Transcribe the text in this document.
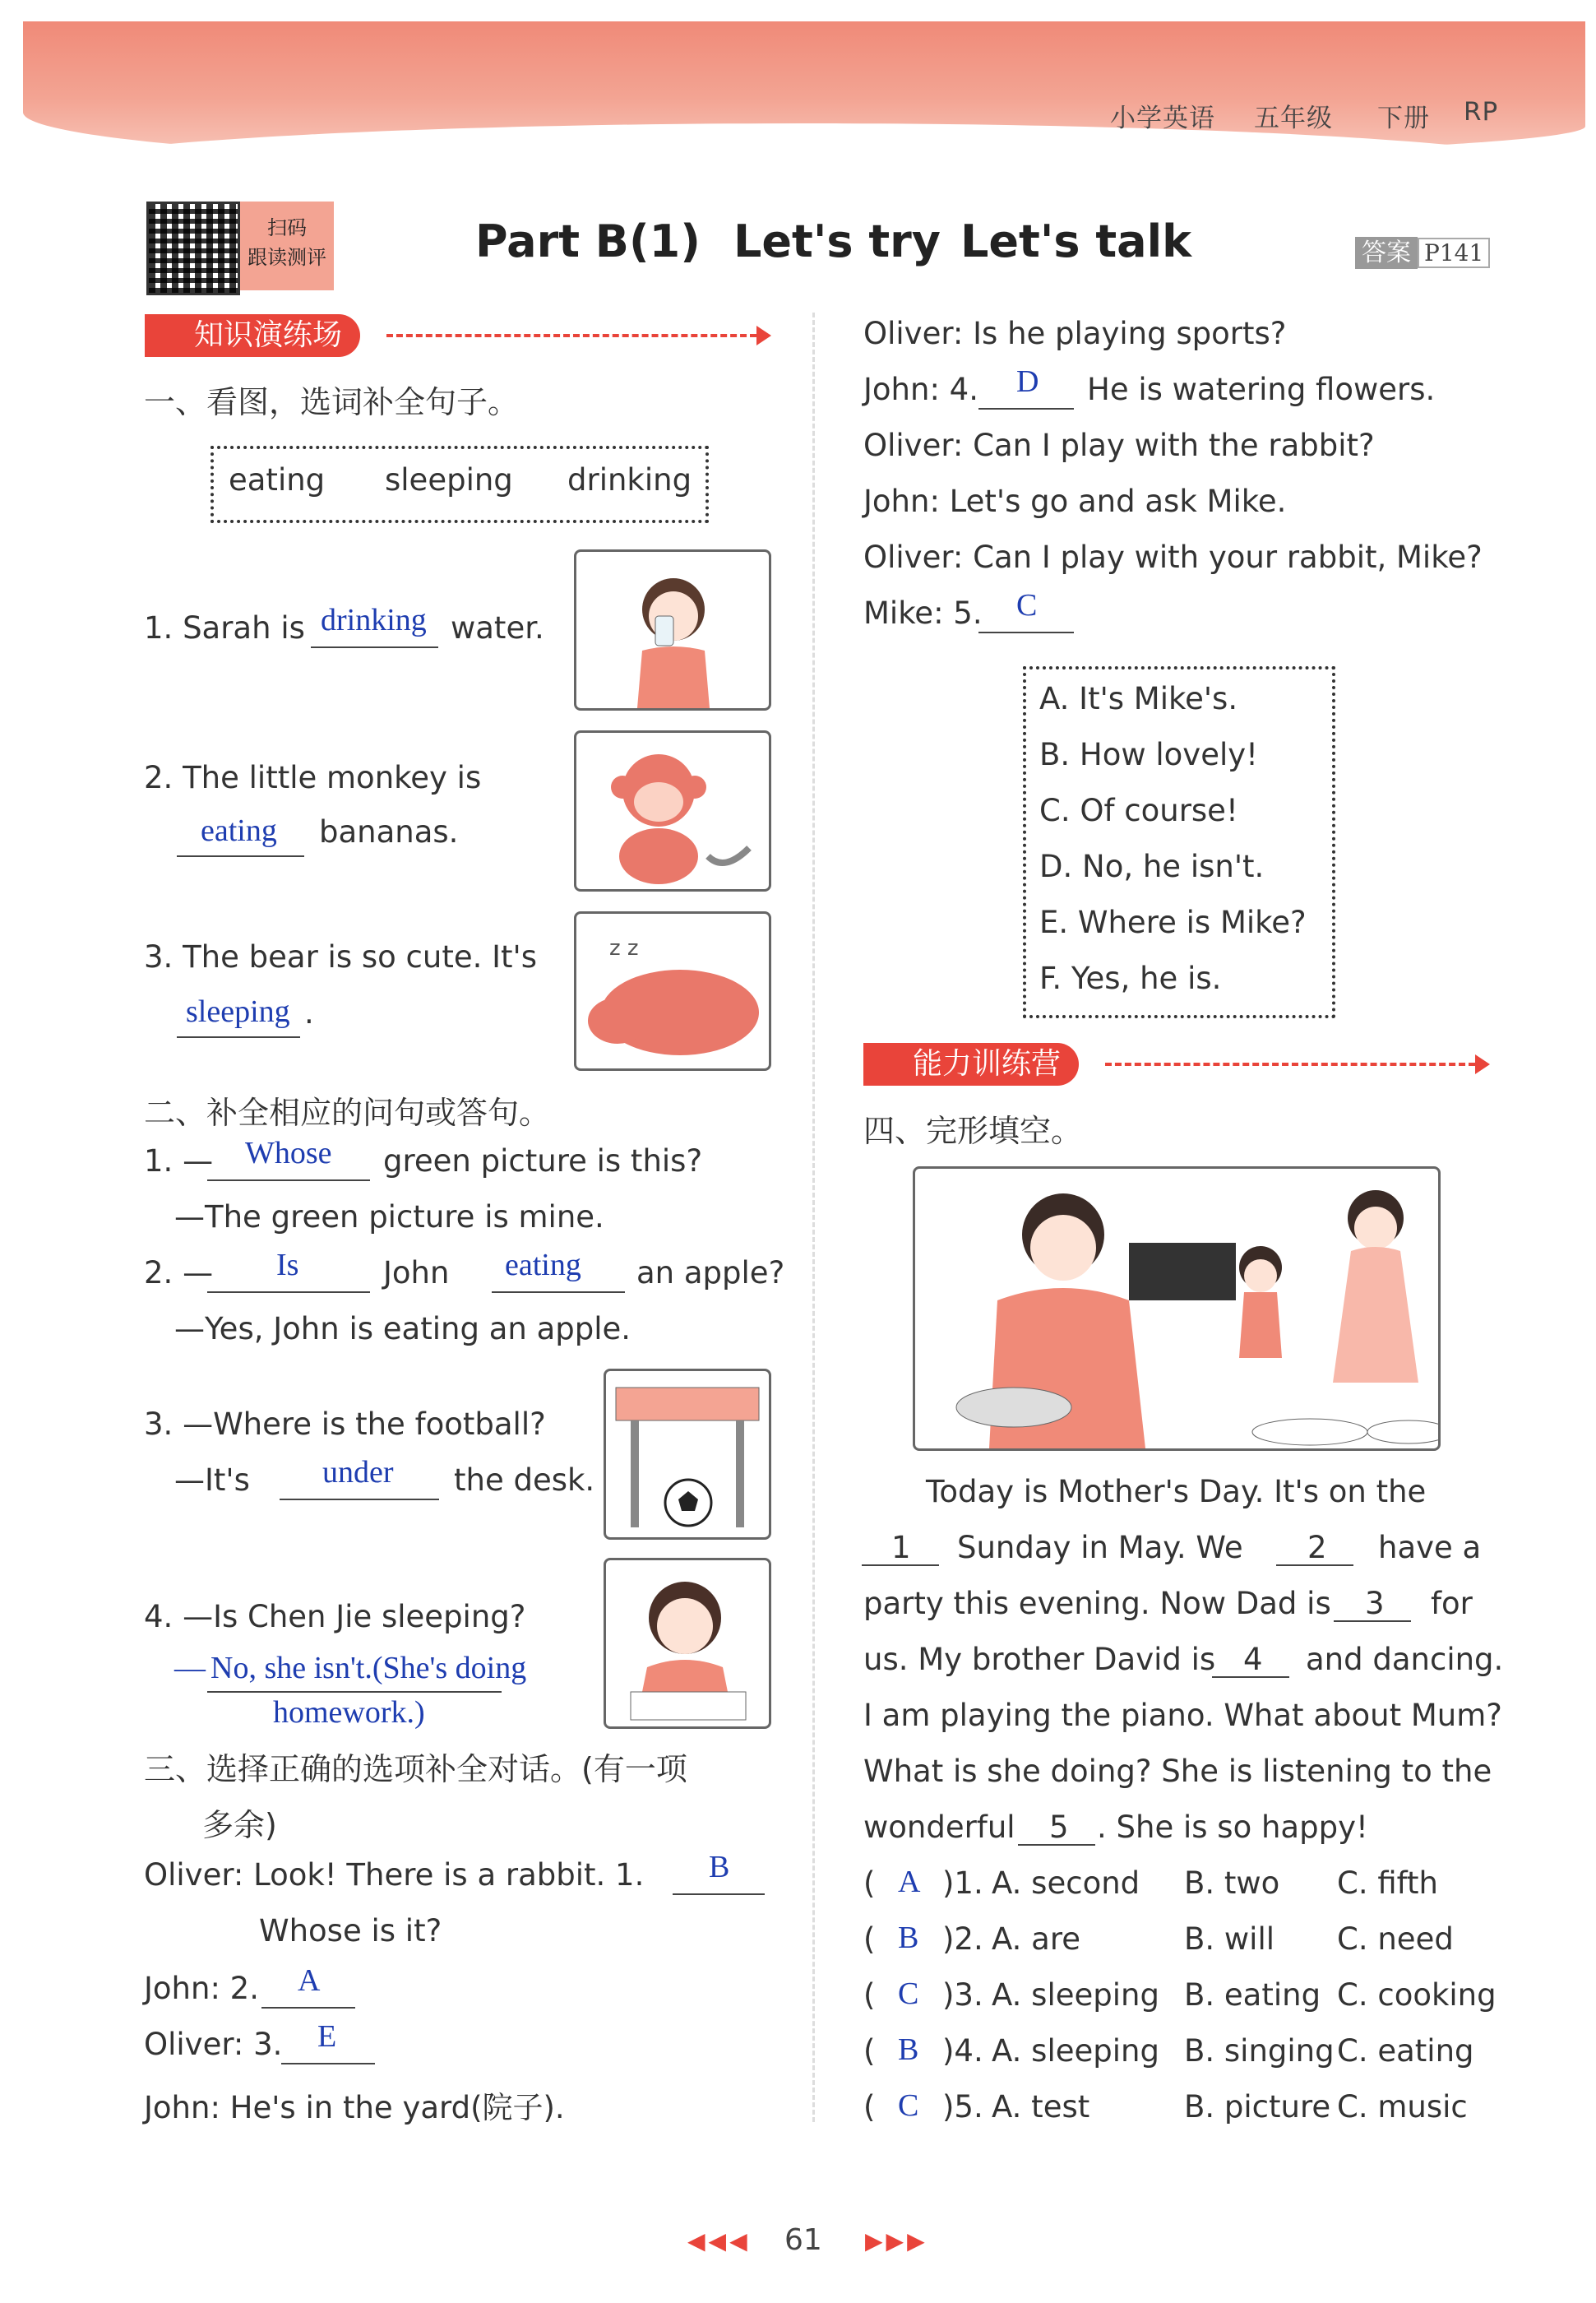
小学英语 五年级 下册 RP
扫码
跟读测评	Part B(1) Let's try Let's talk	答案 P141
知识演练场
一、看图，选词补全句子。
eating sleeping drinking
1. Sarah is drinking water.
2. The little monkey is
eating bananas.
3. The bear is so cute. It's
sleeping .
z z
二、补全相应的问句或答句。
1. — Whose green picture is this?
—The green picture is mine.
2. — Is	John eating an apple?
—Yes, John is eating an apple.
3. —Where is the football?
—It's under the desk.
4. —Is Chen Jie sleeping?
— No, she isn't.(She's doing
homework.)
三、选择正确的选项补全对话。(有一项
多余)
Oliver: Look! There is a rabbit. 1. B
Whose is it?
John: 2. A
Oliver: 3. E
John: He's in the yard(院子).
Oliver: Is he playing sports?
John: 4. D He is watering flowers.
Oliver: Can I play with the rabbit?
John: Let's go and ask Mike.
Oliver: Can I play with your rabbit, Mike?
Mike: 5. C
A. It's Mike's.
B. How lovely!
C. Of course!
D. No, he isn't.
E. Where is Mike?
F. Yes, he is.
能力训练营
四、完形填空。
Today is Mother's Day. It's on the
1 Sunday in May. We 2 have a
party this evening. Now Dad is 3 for
us. My brother David is 4 and dancing.
I am playing the piano. What about Mum?
What is she doing? She is listening to the
wonderful 5 . She is so happy!
( A )1. A. second B. two C. fifth
( B )2. A. are	B. will C. need
( C )3. A. sleeping B. eating C. cooking
( B )4. A. sleeping B. singing C. eating
( C )5. A. test	B. picture C. music
◀◀◀ 61 ▶▶▶
